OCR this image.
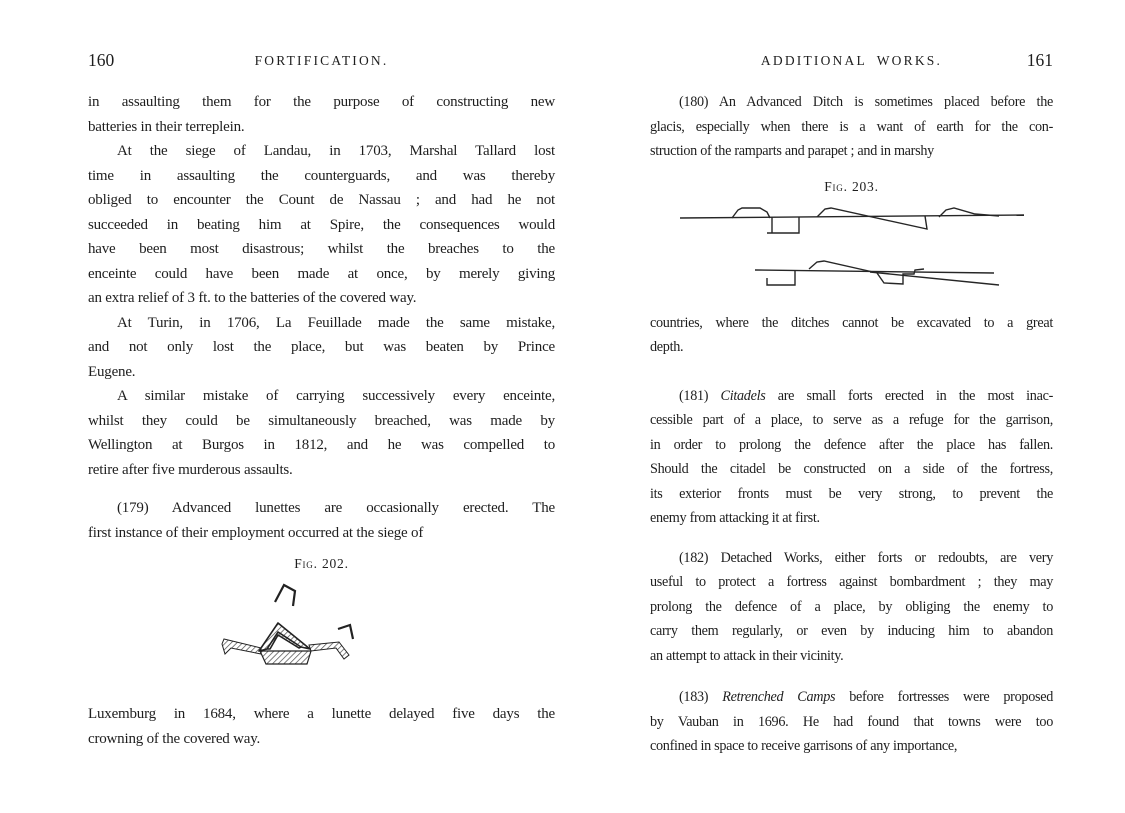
160	FORTIFICATION.
in assaulting them for the purpose of constructing new
batteries in their terreplein.
At the siege of Landau, in 1703, Marshal Tallard lost
time in assaulting the counterguards, and was thereby
obliged to encounter the Count de Nassau ; and had he not
succeeded in beating him at Spire, the consequences would
have been most disastrous; whilst the breaches to the
enceinte could have been made at once, by merely giving
an extra relief of 3 ft. to the batteries of the covered way.
At Turin, in 1706, La Feuillade made the same mistake,
and not only lost the place, but was beaten by Prince
Eugene.
A similar mistake of carrying successively every enceinte,
whilst they could be simultaneously breached, was made by
Wellington at Burgos in 1812, and he was compelled to
retire after five murderous assaults.
(179) Advanced lunettes are occasionally erected. The
first instance of their employment occurred at the siege of
Fig. 202.
Luxemburg in 1684, where a lunette delayed five days the
crowning of the covered way.
ADDITIONAL WORKS.	161
(180) An Advanced Ditch is sometimes placed before the
glacis, especially when there is a want of earth for the con-
struction of the ramparts and parapet ; and in marshy
Fig. 203.
countries, where the ditches cannot be excavated to a great
depth.
(181) Citadels are small forts erected in the most inac-
cessible part of a place, to serve as a refuge for the garrison,
in order to prolong the defence after the place has fallen.
Should the citadel be constructed on a side of the fortress,
its exterior fronts must be very strong, to prevent the
enemy from attacking it at first.
(182) Detached Works, either forts or redoubts, are very
useful to protect a fortress against bombardment ; they may
prolong the defence of a place, by obliging the enemy to
carry them regularly, or even by inducing him to abandon
an attempt to attack in their vicinity.
(183) Retrenched Camps before fortresses were proposed
by Vauban in 1696. He had found that towns were too
confined in space to receive garrisons of any importance,
